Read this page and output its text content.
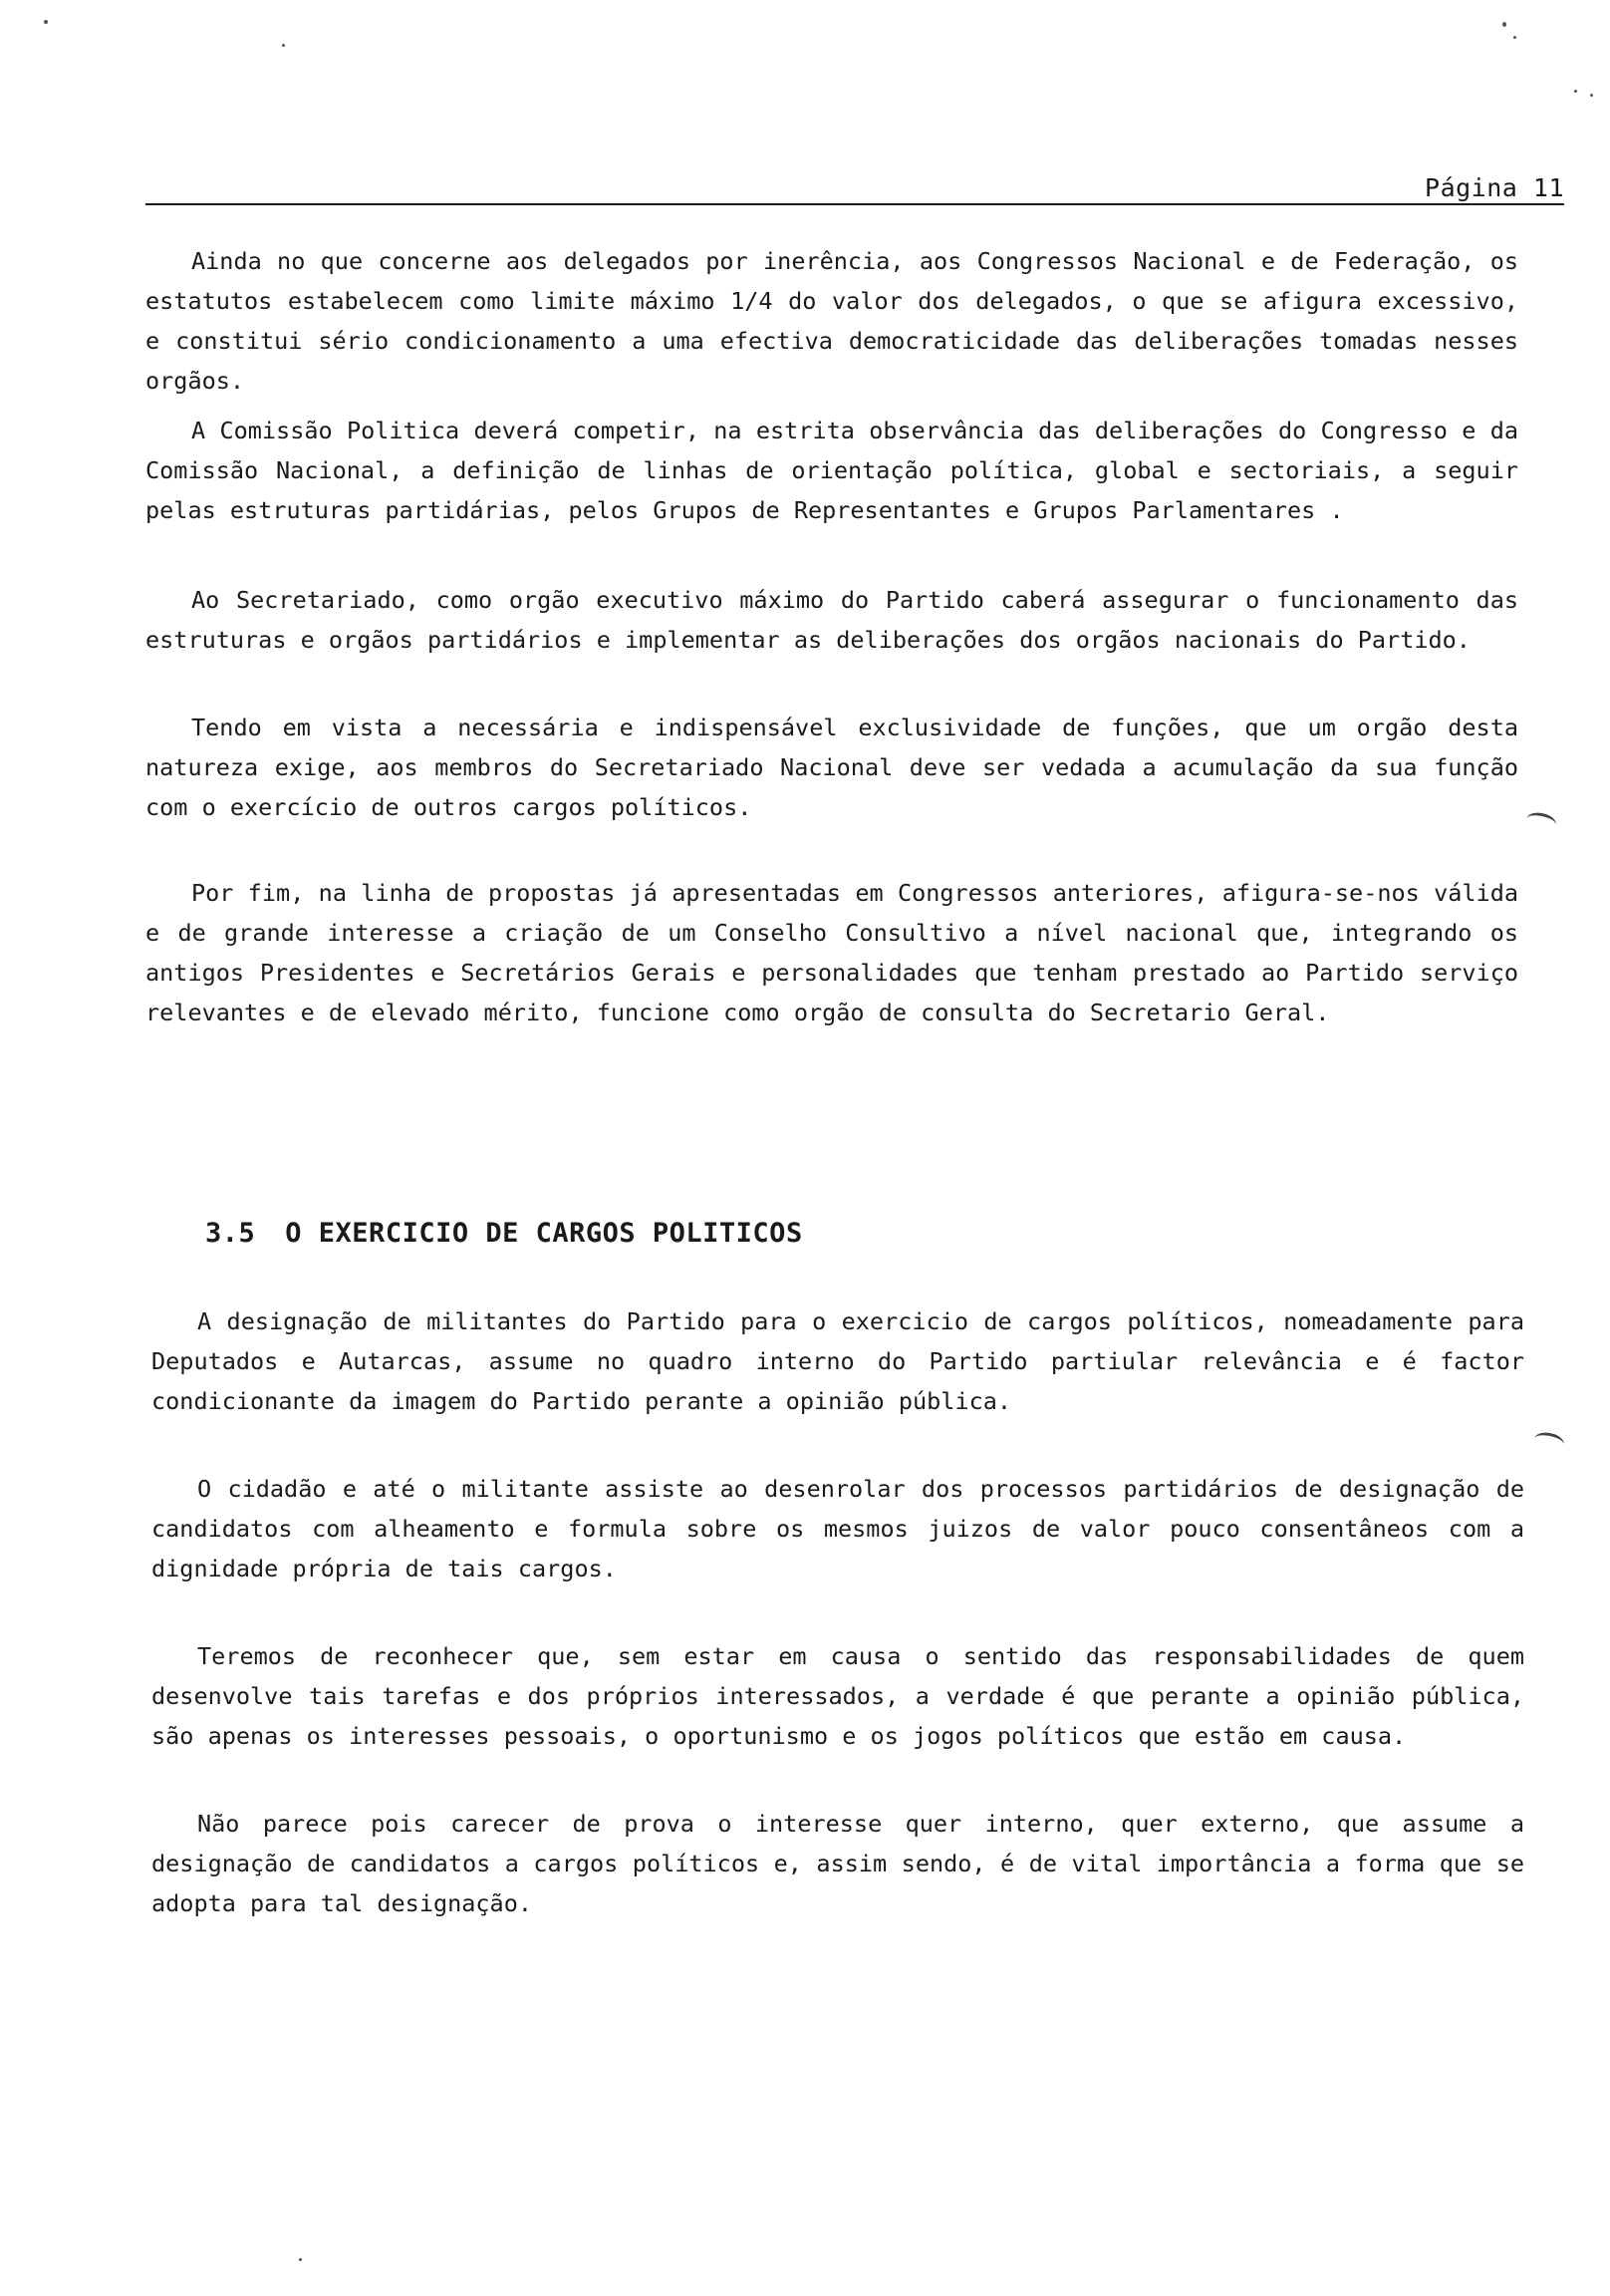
Página 11

Ainda no que concerne aos delegados por inerência, aos Congressos Nacional e de Federação, os estatutos estabelecem como limite máximo 1/4 do valor dos delegados, o que se afigura excessivo, e constitui sério condicionamento a uma efectiva democraticidade das deliberações tomadas nesses orgãos.

A Comissão Politica deverá competir, na estrita observância das deliberações do Congresso e da Comissão Nacional, a definição de linhas de orientação política, global e sectoriais, a seguir pelas estruturas partidárias, pelos Grupos de Representantes e Grupos Parlamentares .

Ao Secretariado, como orgão executivo máximo do Partido caberá assegurar o funcionamento das estruturas e orgãos partidários e implementar as deliberações dos orgãos nacionais do Partido.

Tendo em vista a necessária e indispensável exclusividade de funções, que um orgão desta natureza exige, aos membros do Secretariado Nacional deve ser vedada a acumulação da sua função com o exercício de outros cargos políticos.

Por fim, na linha de propostas já apresentadas em Congressos anteriores, afigura-se-nos válida e de grande interesse a criação de um Conselho Consultivo a nível nacional que, integrando os antigos Presidentes e Secretários Gerais e personalidades que tenham prestado ao Partido serviço relevantes e de elevado mérito, funcione como orgão de consulta do Secretario Geral.

3.5 O EXERCICIO DE CARGOS POLITICOS

A designação de militantes do Partido para o exercicio de cargos políticos, nomeadamente para Deputados e Autarcas, assume no quadro interno do Partido partiular relevância e é factor condicionante da imagem do Partido perante a opinião pública.

O cidadão e até o militante assiste ao desenrolar dos processos partidários de designação de candidatos com alheamento e formula sobre os mesmos juizos de valor pouco consentâneos com a dignidade própria de tais cargos.

Teremos de reconhecer que, sem estar em causa o sentido das responsabilidades de quem desenvolve tais tarefas e dos próprios interessados, a verdade é que perante a opinião pública, são apenas os interesses pessoais, o oportunismo e os jogos políticos que estão em causa.

Não parece pois carecer de prova o interesse quer interno, quer externo, que assume a designação de candidatos a cargos políticos e, assim sendo, é de vital importância a forma que se adopta para tal designação.
